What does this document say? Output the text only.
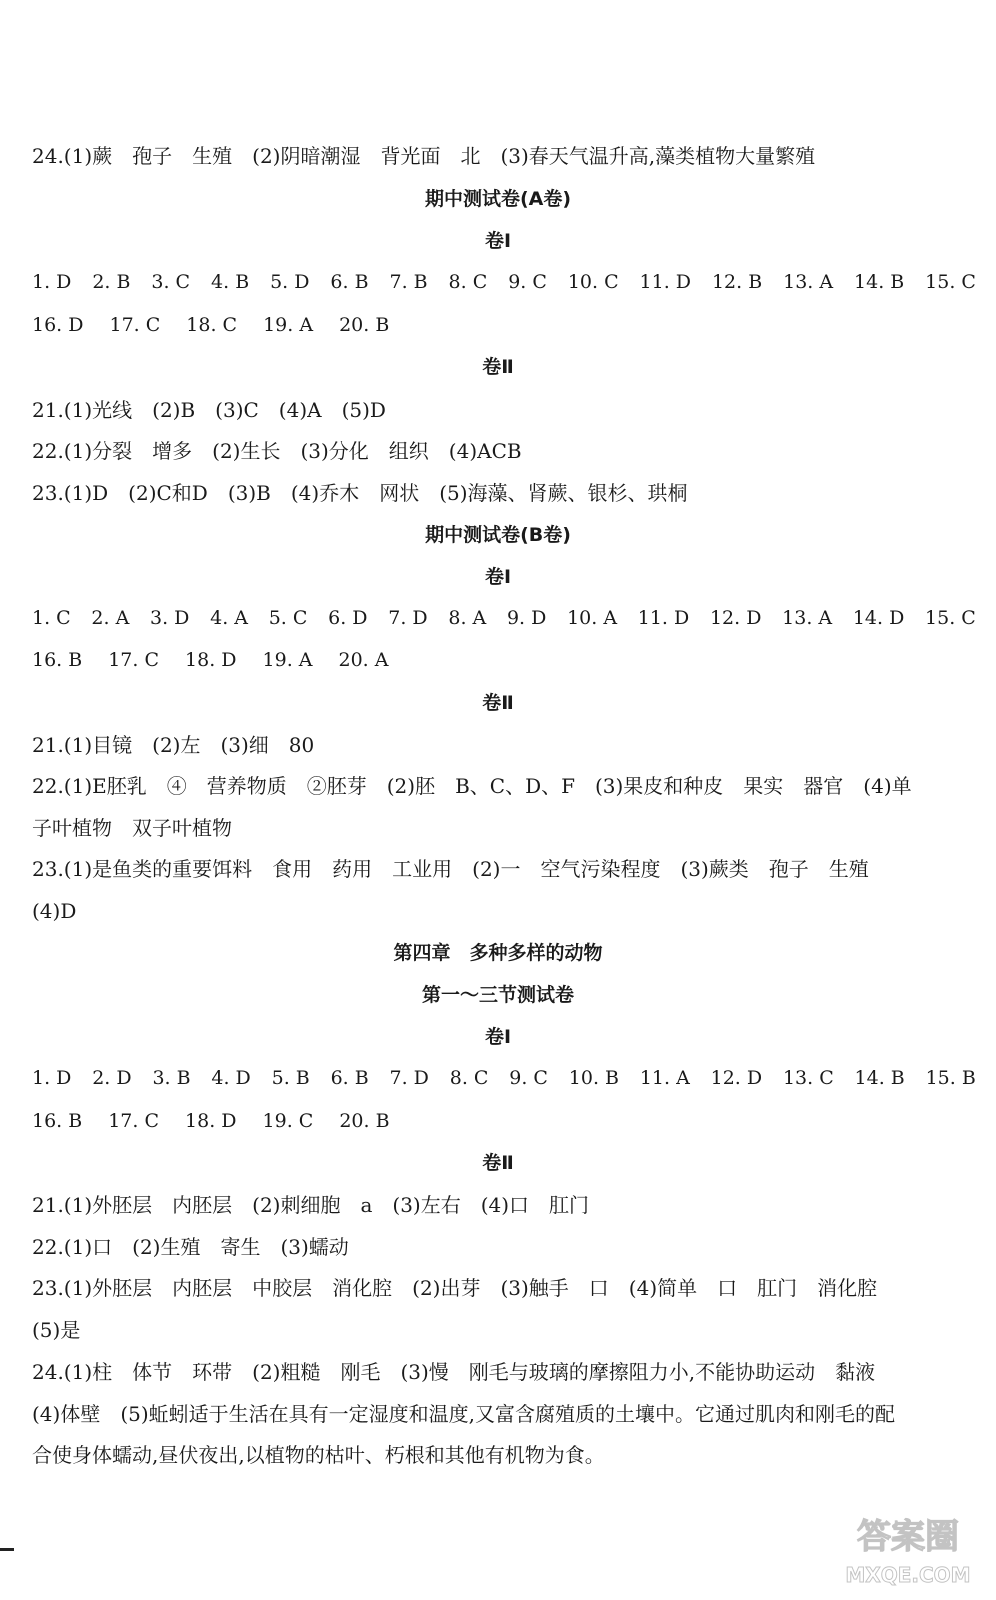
24.(1)蕨　孢子　生殖　(2)阴暗潮湿　背光面　北　(3)春天气温升高,藻类植物大量繁殖
期中测试卷(A卷)
卷Ⅰ
1. D 2. B 3. C 4. B 5. D 6. B 7. B 8. C 9. C 10. C 11. D 12. B 13. A 14. B 15. C
16. D 17. C 18. C 19. A 20. B
卷Ⅱ
21.(1)光线　(2)B　(3)C　(4)A　(5)D
22.(1)分裂　增多　(2)生长　(3)分化　组织　(4)ACB
23.(1)D　(2)C和D　(3)B　(4)乔木　网状　(5)海藻、肾蕨、银杉、珙桐
期中测试卷(B卷)
卷Ⅰ
1. C 2. A 3. D 4. A 5. C 6. D 7. D 8. A 9. D 10. A 11. D 12. D 13. A 14. D 15. C
16. B 17. C 18. D 19. A 20. A
卷Ⅱ
21.(1)目镜　(2)左　(3)细　80
22.(1)E胚乳　④　营养物质　②胚芽　(2)胚　B、C、D、F　(3)果皮和种皮　果实　器官　(4)单
子叶植物　双子叶植物
23.(1)是鱼类的重要饵料　食用　药用　工业用　(2)一　空气污染程度　(3)蕨类　孢子　生殖
(4)D
第四章　多种多样的动物
第一～三节测试卷
卷Ⅰ
1. D 2. D 3. B 4. D 5. B 6. B 7. D 8. C 9. C 10. B 11. A 12. D 13. C 14. B 15. B
16. B 17. C 18. D 19. C 20. B
卷Ⅱ
21.(1)外胚层　内胚层　(2)刺细胞　a　(3)左右　(4)口　肛门
22.(1)口　(2)生殖　寄生　(3)蠕动
23.(1)外胚层　内胚层　中胶层　消化腔　(2)出芽　(3)触手　口　(4)简单　口　肛门　消化腔
(5)是
24.(1)柱　体节　环带　(2)粗糙　刚毛　(3)慢　刚毛与玻璃的摩擦阻力小,不能协助运动　黏液
(4)体壁　(5)蚯蚓适于生活在具有一定湿度和温度,又富含腐殖质的土壤中。它通过肌肉和刚毛的配
合使身体蠕动,昼伏夜出,以植物的枯叶、朽根和其他有机物为食。
答案圈
MXQE.COM
